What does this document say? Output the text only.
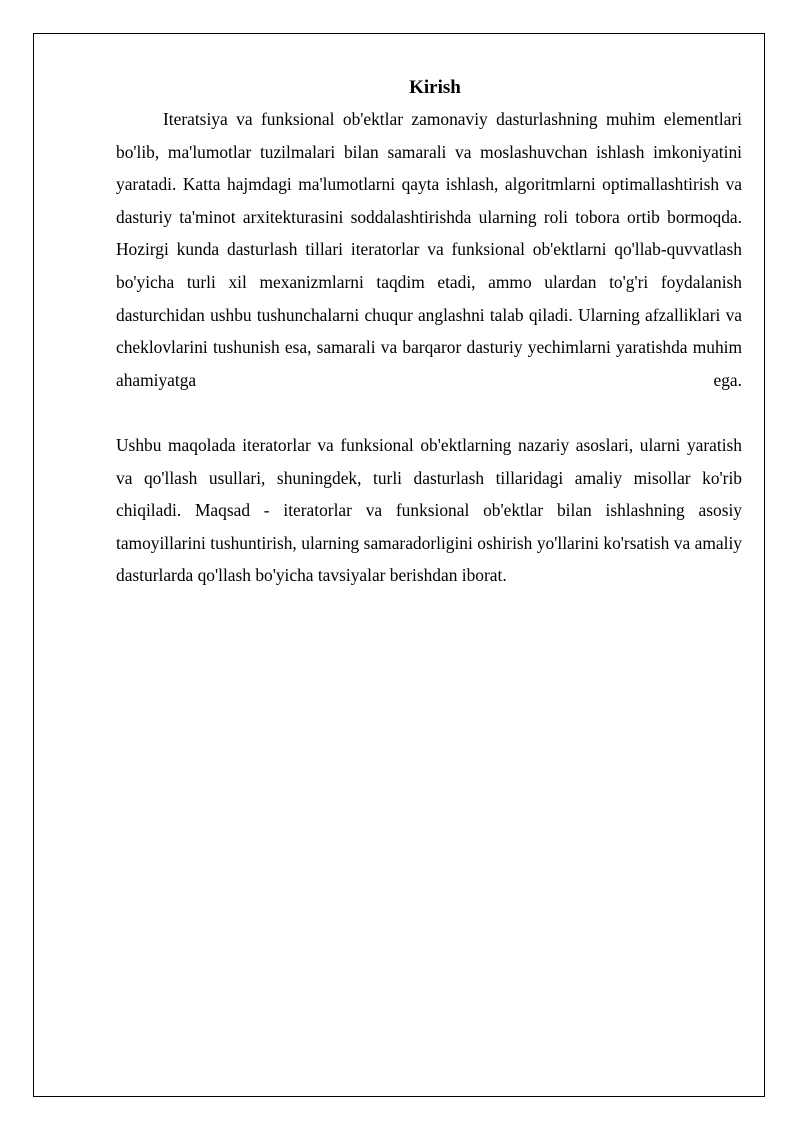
Kirish

Iteratsiya va funksional ob'ektlar zamonaviy dasturlashning muhim elementlari bo'lib, ma'lumotlar tuzilmalari bilan samarali va moslashuvchan ishlash imkoniyatini yaratadi. Katta hajmdagi ma'lumotlarni qayta ishlash, algoritmlarni optimallashtirish va dasturiy ta'minot arxitekturasini soddalashtirishda ularning roli tobora ortib bormoqda. Hozirgi kunda dasturlash tillari iteratorlar va funksional ob'ektlarni qo'llab-quvvatlash bo'yicha turli xil mexanizmlarni taqdim etadi, ammo ulardan to'g'ri foydalanish dasturchidan ushbu tushunchalarni chuqur anglashni talab qiladi. Ularning afzalliklari va cheklovlarini tushunish esa, samarali va barqaror dasturiy yechimlarni yaratishda muhim ahamiyatga ega.

Ushbu maqolada iteratorlar va funksional ob'ektlarning nazariy asoslari, ularni yaratish va qo'llash usullari, shuningdek, turli dasturlash tillaridagi amaliy misollar ko'rib chiqiladi. Maqsad - iteratorlar va funksional ob'ektlar bilan ishlashning asosiy tamoyillarini tushuntirish, ularning samaradorligini oshirish yo'llarini ko'rsatish va amaliy dasturlarda qo'llash bo'yicha tavsiyalar berishdan iborat.
